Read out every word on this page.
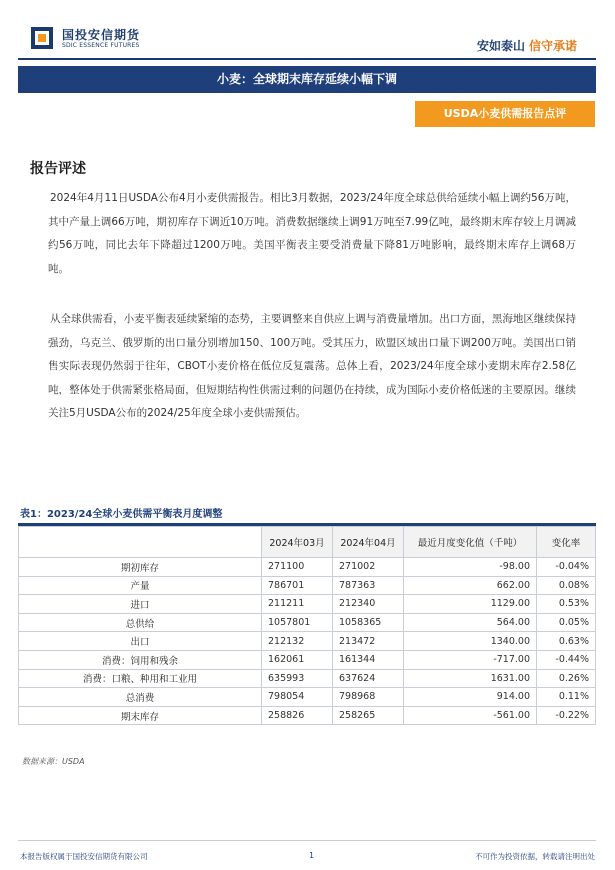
国投安信期货
SDIC ESSENCE FUTURES	安如泰山 信守承诺
小麦：全球期末库存延续小幅下调
USDA小麦供需报告点评
报告评述
2024年4月11日USDA公布4月小麦供需报告。相比3月数据，2023/24年度全球总供给延续小幅上调约56万吨，其中产量上调66万吨，期初库存下调近10万吨。消费数据继续上调91万吨至7.99亿吨，最终期末库存较上月调减约56万吨，同比去年下降超过1200万吨。美国平衡表主要受消费量下降81万吨影响，最终期末库存上调68万吨。
从全球供需看，小麦平衡表延续紧缩的态势，主要调整来自供应上调与消费量增加。出口方面，黑海地区继续保持强劲，乌克兰、俄罗斯的出口量分别增加150、100万吨。受其压力，欧盟区域出口量下调200万吨。美国出口销售实际表现仍然弱于往年，CBOT小麦价格在低位反复震荡。总体上看，2023/24年度全球小麦期末库存2.58亿吨，整体处于供需紧张格局面，但短期结构性供需过剩的问题仍在持续，成为国际小麦价格低迷的主要原因。继续关注5月USDA公布的2024/25年度全球小麦供需预估。
表1：2023/24全球小麦供需平衡表月度调整
	2024年03月	2024年04月	最近月度变化值（千吨）	变化率
期初库存	271100	271002	-98.00	-0.04%
产量	786701	787363	662.00	0.08%
进口	211211	212340	1129.00	0.53%
总供给	1057801	1058365	564.00	0.05%
出口	212132	213472	1340.00	0.63%
消费：饲用和残余	162061	161344	-717.00	-0.44%
消费：口粮、种用和工业用	635993	637624	1631.00	0.26%
总消费	798054	798968	914.00	0.11%
期末库存	258826	258265	-561.00	-0.22%
数据来源：USDA
本报告版权属于国投安信期货有限公司	1	不可作为投资依据，转载请注明出处
